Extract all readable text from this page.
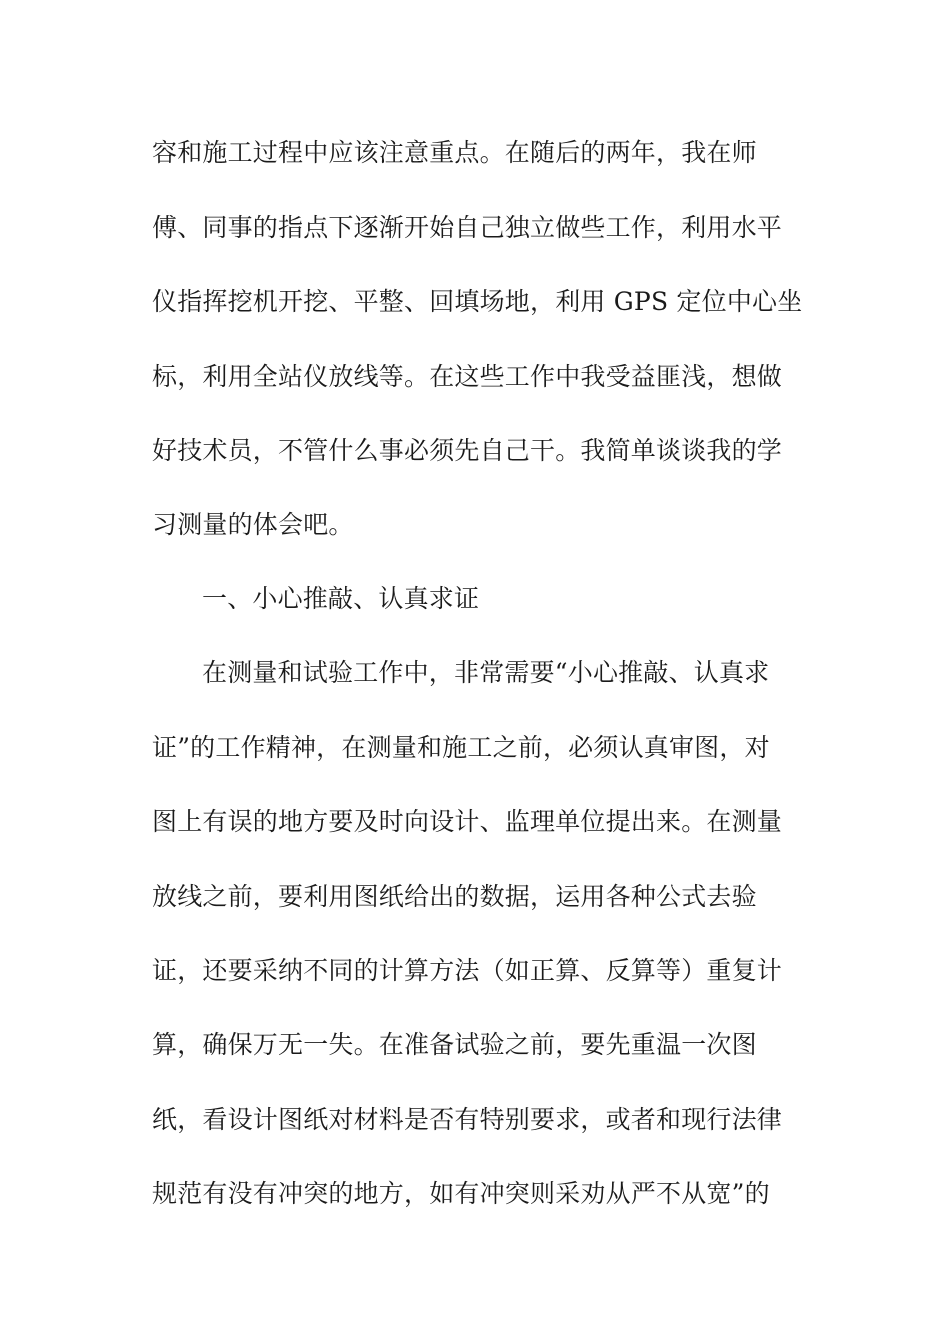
容和施工过程中应该注意重点。在随后的两年，我在师
傅、同事的指点下逐渐开始自己独立做些工作，利用水平
仪指挥挖机开挖、平整、回填场地，利用 GPS 定位中心坐
标，利用全站仪放线等。在这些工作中我受益匪浅，想做
好技术员，不管什么事必须先自己干。我简单谈谈我的学
习测量的体会吧。
一、小心推敲、认真求证
在测量和试验工作中，非常需要“小心推敲、认真求
证”的工作精神，在测量和施工之前，必须认真审图，对
图上有误的地方要及时向设计、监理单位提出来。在测量
放线之前，要利用图纸给出的数据，运用各种公式去验
证，还要采纳不同的计算方法（如正算、反算等）重复计
算，确保万无一失。在准备试验之前，要先重温一次图
纸，看设计图纸对材料是否有特别要求，或者和现行法律
规范有没有冲突的地方，如有冲突则采劝从严不从宽”的
